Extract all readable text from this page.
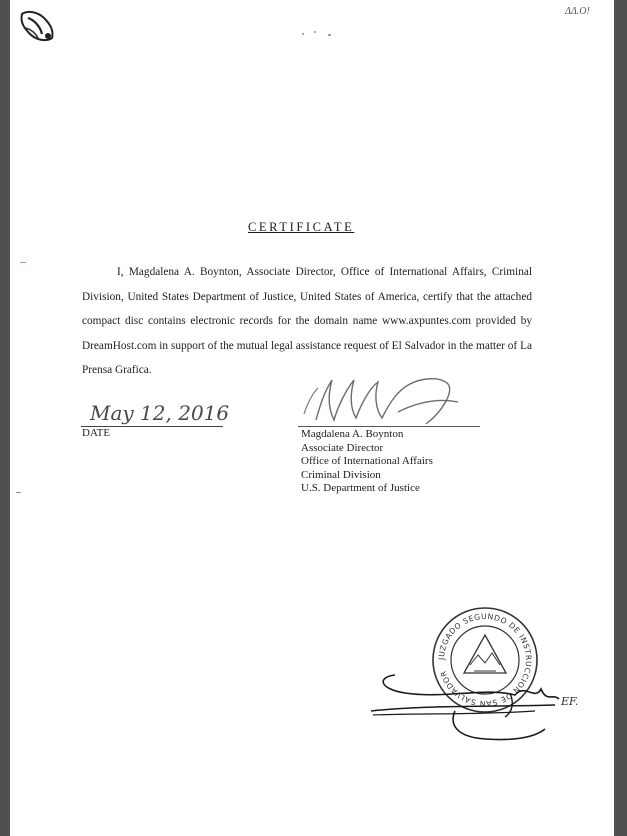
ΔΔ.Ο!
CERTIFICATE

I, Magdalena A. Boynton, Associate Director, Office of International Affairs, Criminal Division, United States Department of Justice, United States of America, certify that the attached compact disc contains electronic records for the domain name www.axpuntes.com provided by DreamHost.com in support of the mutual legal assistance request of El Salvador in the matter of La Prensa Grafica.

May 12, 2016
DATE	Magdalena A. Boynton
Associate Director
Office of International Affairs
Criminal Division
U.S. Department of Justice
JUZGADO SEGUNDO DE INSTRUCCION DE SAN SALVADOR
EF.
